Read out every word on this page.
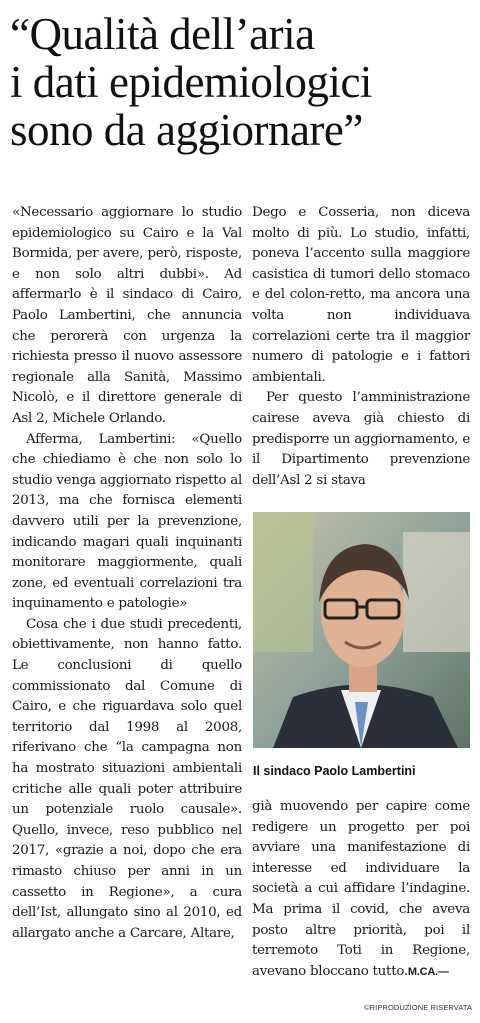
“Qualità dell’aria
i dati epidemiologici
sono da aggiornare”

«Necessario aggiornare lo studio epidemiologico su Cairo e la Val Bormida, per avere, però, risposte, e non solo altri dubbi». Ad affermarlo è il sindaco di Cairo, Paolo Lambertini, che annuncia che perorerà con urgenza la richiesta presso il nuovo assessore regionale alla Sanità, Massimo Nicolò, e il direttore generale di Asl 2, Michele Orlando.

Afferma, Lambertini: «Quello che chiediamo è che non solo lo studio venga aggiornato rispetto al 2013, ma che fornisca elementi davvero utili per la prevenzione, indicando magari quali inquinanti monitorare maggiormente, quali zone, ed eventuali correlazioni tra inquinamento e patologie»

Cosa che i due studi precedenti, obiettivamente, non hanno fatto. Le conclusioni di quello commissionato dal Comune di Cairo, e che riguardava solo quel territorio dal 1998 al 2008, riferivano che “la campagna non ha mostrato situazioni ambientali critiche alle quali poter attribuire un potenziale ruolo causale». Quello, invece, reso pubblico nel 2017, «grazie a noi, dopo che era rimasto chiuso per anni in un cassetto in Regione», a cura dell’Ist, allungato sino al 2010, ed allargato anche a Carcare, Altare,

Dego e Cosseria, non diceva molto di più. Lo studio, infatti, poneva l’accento sulla maggiore casistica di tumori dello stomaco e del colon-retto, ma ancora una volta non individuava correlazioni certe tra il maggior numero di patologie e i fattori ambientali.

Per questo l’amministrazione cairese aveva già chiesto di predisporre un aggiornamento, e il Dipartimento prevenzione dell’Asl 2 si stava

Il sindaco Paolo Lambertini

già muovendo per capire come redigere un progetto per poi avviare una manifestazione di interesse ed individuare la società a cui affidare l’indagine. Ma prima il covid, che aveva posto altre priorità, poi il terremoto Toti in Regione, avevano bloccano tutto.M.CA.—

©RIPRODUZIONE RISERVATA
